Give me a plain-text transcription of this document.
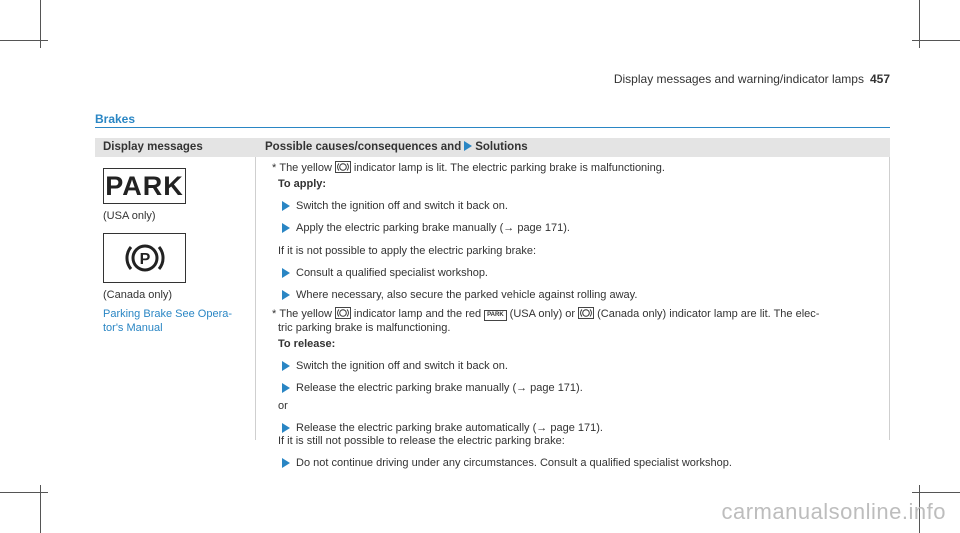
Display messages and warning/indicator lamps 457
Brakes
Display messages	Possible causes/consequences and Solutions
PARK
(USA only)
P
(Canada only)
Parking Brake See Opera-
tor's Manual
* The yellow indicator lamp is lit. The electric parking brake is malfunctioning.
To apply:
Switch the ignition off and switch it back on.
Apply the electric parking brake manually (→ page 171).
If it is not possible to apply the electric parking brake:
Consult a qualified specialist workshop.
Where necessary, also secure the parked vehicle against rolling away.
* The yellow indicator lamp and the red PARK (USA only) or (Canada only) indicator lamp are lit. The elec-
tric parking brake is malfunctioning.
To release:
Switch the ignition off and switch it back on.
Release the electric parking brake manually (→ page 171).
or
Release the electric parking brake automatically (→ page 171).
If it is still not possible to release the electric parking brake:
Do not continue driving under any circumstances. Consult a qualified specialist workshop.
carmanualsonline.info
